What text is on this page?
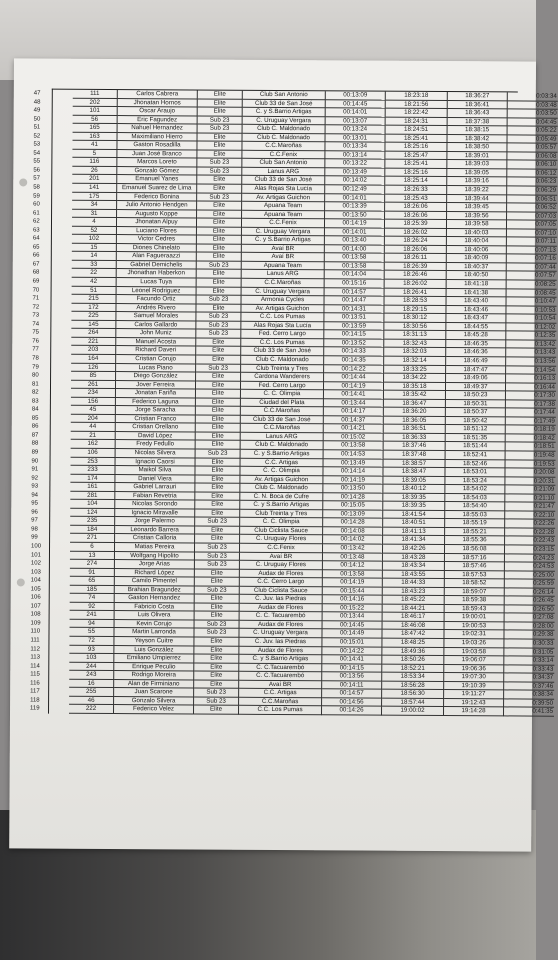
47	111	Carlos Cabrera	Elite	Club San Antonio	00:13:09	18:23:18	18:36:27	0:03:34
48	202	Jhonatan Hornos	Elite	Club 33 de San José	00:14:45	18:21:56	18:36:41	0:03:48
49	101	Oscar Araujo	Elite	C. y S.Barrio Artigas	00:14:01	18:22:42	18:36:43	0:03:50
50	56	Eric Fagundez	Sub 23	C. Uruguay Vergara	00:13:07	18:24:31	18:37:38	0:04:45
51	165	Nahuel Hernandez	Sub 23	Club C. Maldonado	00:13:24	18:24:51	18:38:15	0:05:22
52	163	Maximiliano Hierro	Elite	Club C. Maldonado	00:13:01	18:25:41	18:38:42	0:05:49
53	41	Gaston Rosadilla	Elite	C.C.Maroñas	00:13:34	18:25:16	18:38:50	0:05:57
54	5	Juan José Branco	Elite	C.C.Fenix	00:13:14	18:25:47	18:39:01	0:06:08
55	116	Marcos Loreto	Sub 23	Club San Antonio	00:13:22	18:25:41	18:39:03	0:06:10
56	26	Gonzalo Gómez	Sub 23	Lanus ARG	00:13:49	18:25:16	18:39:05	0:06:12
57	201	Emanuel Yanes	Elite	Club 33 de San José	00:14:02	18:25:14	18:39:16	0:06:23
58	141	Emanuel Suarez de Lima	Elite	Alas Rojas Sta Lucía	00:12:49	18:26:33	18:39:22	0:06:29
59	175	Federico Bonina	Sub 23	Av. Artigas Guichon	00:14:01	18:25:43	18:39:44	0:06:51
60	34	Julio Antonio Hendgen	Elite	Apuana Team	00:13:39	18:26:06	18:39:45	0:06:52
61	31	Augusto Koppe	Elite	Apuana Team	00:13:50	18:26:06	18:39:56	0:07:03
62	4	Jhonatan Alpuy	Elite	C.C.Fenix	00:14:19	18:25:39	18:39:58	0:07:05
63	52	Luciano Flores	Elite	C. Uruguay Vergara	00:14:01	18:26:02	18:40:03	0:07:10
64	102	Victor Cedres	Elite	C. y S.Barrio Artigas	00:13:40	18:26:24	18:40:04	0:07:11
65	15	Diones Chinelato	Elite	Avaí BR	00:14:00	18:26:06	18:40:06	0:07:13
66	14	Alan Fagueraazzi	Elite	Avaí BR	00:13:58	18:26:11	18:40:09	0:07:16
67	33	Gabriel Demichelis	Sub 23	Apuana Team	00:13:58	18:26:39	18:40:37	0:07:44
68	22	Jhonathan Haberkon	Elite	Lanus ARG	00:14:04	18:26:46	18:40:50	0:07:57
69	42	Lucas Tuya	Elite	C.C.Maroñas	00:15:16	18:26:02	18:41:18	0:08:25
70	51	Leonel Rodriguez	Elite	C. Uruguay Vergara	00:14:57	18:26:41	18:41:38	0:08:45
71	215	Facundo Ortiz	Sub 23	Armonia Cycles	00:14:47	18:28:53	18:43:40	0:10:47
72	172	Andrés Rivero	Elite	Av. Artigas Guichon	00:14:31	18:29:15	18:43:46	0:10:53
73	225	Samuel Morales	Sub 23	C.C. Los Pumas	00:13:51	18:30:12	18:43:47	0:10:54
74	145	Carlos Gallardo	Sub 23	Alas Rojas Sta Lucía	00:13:59	18:30:56	18:44:55	0:12:02
75	264	John Muniz	Sub 23	Fed. Cerro Largo	00:14:15	18:31:13	18:45:28	0:12:35
76	221	Manuel Acosta	Elite	C.C. Los Pumas	00:13:52	18:32:43	18:46:35	0:13:42
77	203	Richard Daveri	Elite	Club 33 de San José	00:14:33	18:32:03	18:46:36	0:13:43
78	164	Cristian Corujo	Elite	Club C. Maldonado	00:14:35	18:32:14	18:46:49	0:13:56
79	126	Lucas Piano	Sub 23	Club Treinta y Tres	00:14:22	18:33:25	18:47:47	0:14:54
80	85	Diego González	Elite	Cardona Wanderers	00:14:44	18:34:22	18:49:06	0:16:13
81	261	Jover Ferreira	Elite	Fed. Cerro Largo	00:14:19	18:35:18	18:49:37	0:16:44
82	234	Jonatan Fariña	Elite	C. C. Olimpia	00:14:41	18:35:42	18:50:23	0:17:30
83	156	Federico Laguna	Elite	Ciudad del Plata	00:13:44	18:36:47	18:50:31	0:17:38
84	45	Jorge Saracha	Elite	C.C.Maroñas	00:14:17	18:36:20	18:50:37	0:17:44
85	204	Cristian Franco	Elite	Club 33 de San José	00:14:37	18:36:05	18:50:42	0:17:49
86	44	Cristian Orellano	Elite	C.C.Maroñas	00:14:21	18:36:51	18:51:12	0:18:19
87	21	David López	Elite	Lanus ARG	00:15:02	18:36:33	18:51:35	0:18:42
88	162	Fredy Fedullo	Elite	Club C. Maldonado	00:13:58	18:37:46	18:51:44	0:18:51
89	106	Nicolas Silvera	Sub 23	C. y S.Barrio Artigas	00:14:53	18:37:48	18:52:41	0:19:48
90	253	Ignacio Caorsi	Elite	C.C. Artigas	00:13:49	18:38:57	18:52:46	0:19:53
91	233	Maikol Silva	Elite	C. C. Olimpia	00:14:14	18:38:47	18:53:01	0:20:08
92	174	Daniel Viera	Elite	Av. Artigas Guichon	00:14:19	18:39:05	18:53:24	0:20:31
93	161	Gabriel Larrauri	Elite	Club C. Maldonado	00:13:50	18:40:12	18:54:02	0:21:09
94	281	Fabian Revetria	Elite	C. N. Boca de Cufre	00:14:28	18:39:35	18:54:03	0:21:10
95	104	Nicolas Sorondo	Elite	C. y S.Barrio Artigas	00:15:05	18:39:35	18:54:40	0:21:47
96	124	Ignacio Miravalle	Elite	Club Treinta y Tres	00:13:09	18:41:54	18:55:03	0:22:10
97	235	Jorge Palermo	Sub 23	C. C. Olimpia	00:14:28	18:40:51	18:55:19	0:22:26
98	184	Leonardo Barrera	Elite	Club Ciclista Sauce	00:14:08	18:41:13	18:55:21	0:22:28
99	271	Cristian Calloria	Elite	C. Uruguay Flores	00:14:02	18:41:34	18:55:36	0:22:43
100	6	Matias Pereira	Sub 23	C.C.Fenix	00:13:42	18:42:26	18:56:08	0:23:15
101	13	Wolfgang Hipolito	Sub 23	Avaí BR	00:13:48	18:43:28	18:57:16	0:24:23
102	274	Jorge Arias	Sub 23	C. Uruguay Flores	00:14:12	18:43:34	18:57:46	0:24:53
103	91	Richard López	Elite	Audax de Flores	00:13:58	18:43:55	18:57:53	0:25:00
104	65	Camilo Pimentel	Elite	C.C. Cerro Largo	00:14:19	18:44:33	18:58:52	0:25:59
105	185	Brahian Bragundez	Sub 23	Club Ciclista Sauce	00:15:44	18:43:23	18:59:07	0:26:14
106	74	Gaston Hernandez	Elite	C. Juv. las Piedras	00:14:16	18:45:22	18:59:38	0:26:45
107	92	Fabricio Costa	Elite	Audax de Flores	00:15:22	18:44:21	18:59:43	0:26:50
108	241	Luis Olivera	Elite	C. C. Tacuarembó	00:13:44	18:46:17	19:00:01	0:27:08
109	94	Kevin Corujo	Sub 23	Audax de Flores	00:14:45	18:46:08	19:00:53	0:28:00
110	55	Martin Larronda	Sub 23	C. Uruguay Vergara	00:14:49	18:47:42	19:02:31	0:29:38
111	72	Yeyson Cuitre	Elite	C. Juv. las Piedras	00:15:01	18:48:25	19:03:26	0:30:33
112	93	Luis González	Elite	Audax de Flores	00:14:22	18:49:36	19:03:58	0:31:05
113	103	Emiliano Umpierrez	Elite	C. y S.Barrio Artigas	00:14:41	18:50:26	19:06:07	0:33:14
114	244	Enrique Peculio	Elite	C. C.Tacuarembó	00:14:15	18:52:21	19:06:36	0:33:43
115	243	Rodrigo Moreira	Elite	C. C.Tacuarembó	00:13:56	18:53:34	19:07:30	0:34:37
116	16	Alan de Firminiano	Elite	Avaí BR	00:14:11	18:56:28	19:10:39	0:37:46
117	255	Juan Scarone	Sub 23	C.C. Artigas	00:14:57	18:56:30	19:11:27	0:38:34
118	46	Gonzalo Silvera	Sub 23	C.C.Maroñas	00:14:56	18:57:44	19:12:43	0:39:50
119	222	Federico Velez	Elite	C.C. Los Pumas	00:14:26	19:00:02	19:14:28	0:41:35
